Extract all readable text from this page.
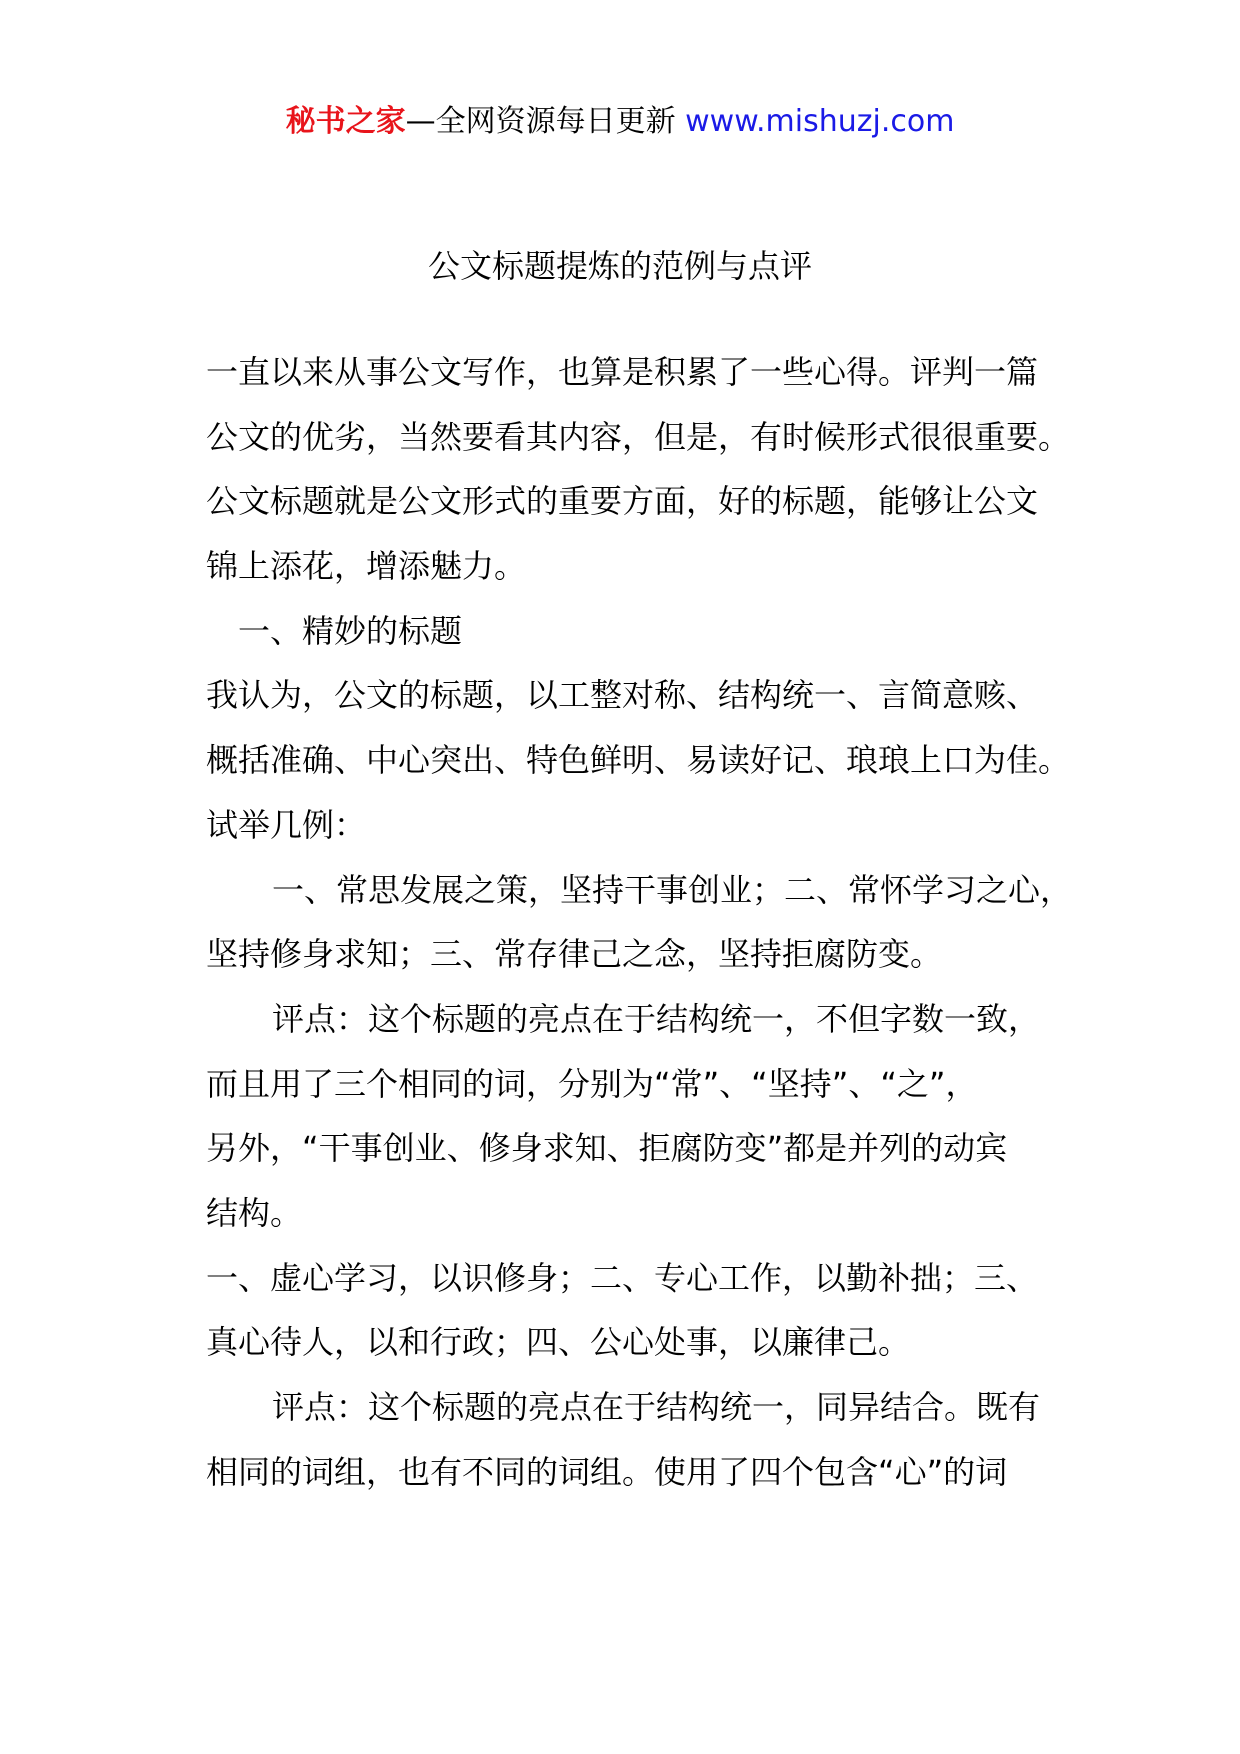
秘书之家—全网资源每日更新 www.mishuzj.com
公文标题提炼的范例与点评
一直以来从事公文写作，也算是积累了一些心得。评判一篇
公文的优劣，当然要看其内容，但是，有时候形式很很重要。
公文标题就是公文形式的重要方面，好的标题，能够让公文
锦上添花，增添魅力。
一、精妙的标题
我认为，公文的标题，以工整对称、结构统一、言简意赅、
概括准确、中心突出、特色鲜明、易读好记、琅琅上口为佳。
试举几例：
一、常思发展之策，坚持干事创业；二、常怀学习之心，
坚持修身求知；三、常存律己之念，坚持拒腐防变。
评点：这个标题的亮点在于结构统一，不但字数一致，
而且用了三个相同的词，分别为“常”、“坚持”、“之”，
另外，“干事创业、修身求知、拒腐防变”都是并列的动宾
结构。
一、虚心学习，以识修身；二、专心工作，以勤补拙；三、
真心待人，以和行政；四、公心处事，以廉律己。
评点：这个标题的亮点在于结构统一，同异结合。既有
相同的词组，也有不同的词组。使用了四个包含“心”的词
